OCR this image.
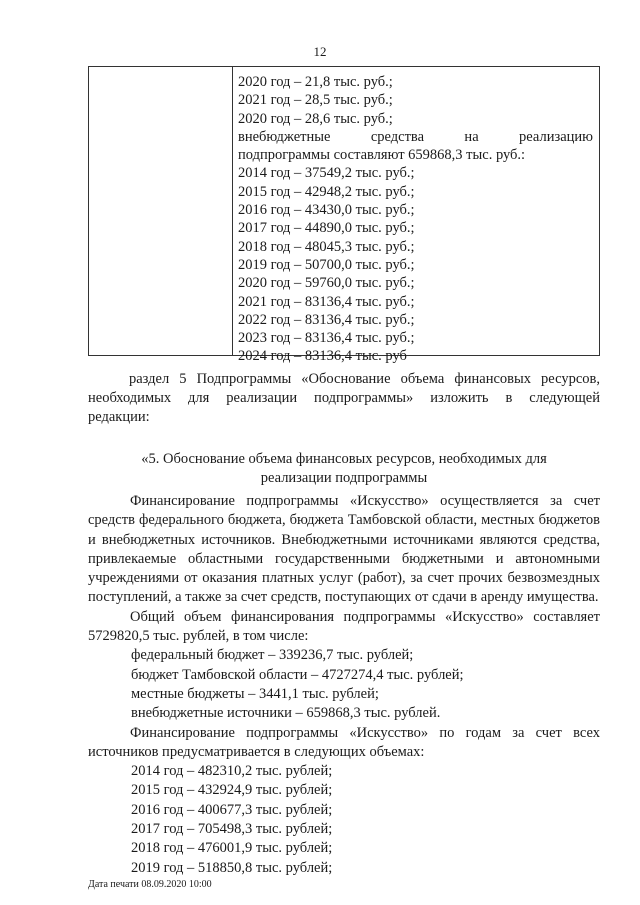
12
2020 год – 21,8 тыс. руб.;
2021 год – 28,5 тыс. руб.;
2020 год – 28,6 тыс. руб.;
внебюджетные средства на реализацию
подпрограммы составляют 659868,3 тыс. руб.:
2014 год – 37549,2 тыс. руб.;
2015 год – 42948,2 тыс. руб.;
2016 год – 43430,0 тыс. руб.;
2017 год – 44890,0 тыс. руб.;
2018 год – 48045,3 тыс. руб.;
2019 год – 50700,0 тыс. руб.;
2020 год – 59760,0 тыс. руб.;
2021 год – 83136,4 тыс. руб.;
2022 год – 83136,4 тыс. руб.;
2023 год – 83136,4 тыс. руб.;
2024 год – 83136,4 тыс. руб
раздел 5 Подпрограммы «Обоснование объема финансовых ресурсов,
необходимых для реализации подпрограммы» изложить в следующей
редакции:
«5. Обоснование объема финансовых ресурсов, необходимых для
реализации подпрограммы
Финансирование подпрограммы «Искусство» осуществляется за счет средств федерального бюджета, бюджета Тамбовской области, местных бюджетов и внебюджетных источников. Внебюджетными источниками являются средства, привлекаемые областными государственными бюджетными и автономными учреждениями от оказания платных услуг (работ), за счет прочих безвозмездных поступлений, а также за счет средств, поступающих от сдачи в аренду имущества.
Общий объем финансирования подпрограммы «Искусство» составляет 5729820,5 тыс. рублей, в том числе:
федеральный бюджет – 339236,7 тыс. рублей;
бюджет Тамбовской области – 4727274,4 тыс. рублей;
местные бюджеты – 3441,1 тыс. рублей;
внебюджетные источники – 659868,3 тыс. рублей.
Финансирование подпрограммы «Искусство» по годам за счет всех источников предусматривается в следующих объемах:
2014 год – 482310,2 тыс. рублей;
2015 год – 432924,9 тыс. рублей;
2016 год – 400677,3 тыс. рублей;
2017 год – 705498,3 тыс. рублей;
2018 год – 476001,9 тыс. рублей;
2019 год – 518850,8 тыс. рублей;
Дата печати 08.09.2020 10:00
